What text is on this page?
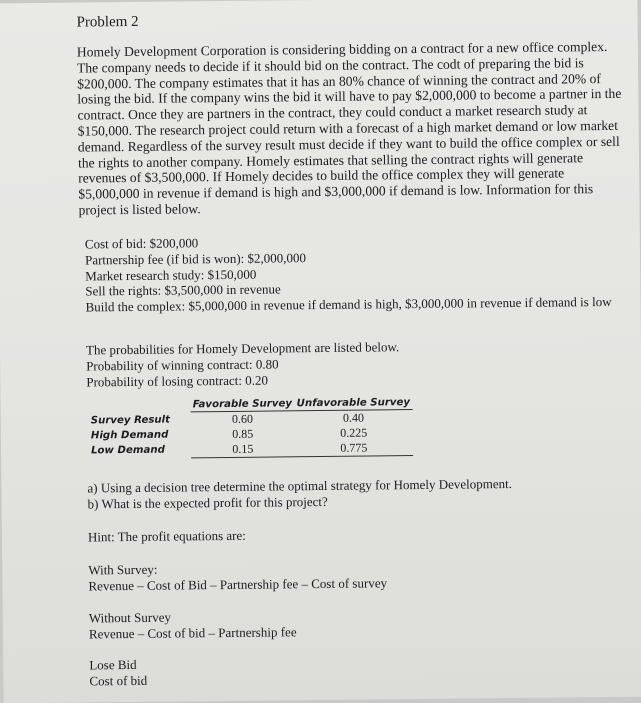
Problem 2

Homely Development Corporation is considering bidding on a contract for a new office complex. The company needs to decide if it should bid on the contract. The codt of preparing the bid is $200,000. The company estimates that it has an 80% chance of winning the contract and 20% of losing the bid. If the company wins the bid it will have to pay $2,000,000 to become a partner in the contract. Once they are partners in the contract, they could conduct a market research study at $150,000. The research project could return with a forecast of a high market demand or low market demand. Regardless of the survey result must decide if they want to build the office complex or sell the rights to another company. Homely estimates that selling the contract rights will generate revenues of $3,500,000. If Homely decides to build the office complex they will generate $5,000,000 in revenue if demand is high and $3,000,000 if demand is low. Information for this project is listed below.

Cost of bid: $200,000
Partnership fee (if bid is won): $2,000,000
Market research study: $150,000
Sell the rights: $3,500,000 in revenue
Build the complex: $5,000,000 in revenue if demand is high, $3,000,000 in revenue if demand is low
The probabilities for Homely Development are listed below.
Probability of winning contract: 0.80
Probability of losing contract: 0.20
	Favorable Survey	Unfavorable Survey
Survey Result	0.60	0.40
High Demand	0.85	0.225
Low Demand	0.15	0.775
a) Using a decision tree determine the optimal strategy for Homely Development.
b) What is the expected profit for this project?
Hint: The profit equations are:
With Survey:
Revenue – Cost of Bid – Partnership fee – Cost of survey
Without Survey
Revenue – Cost of bid – Partnership fee
Lose Bid
Cost of bid
